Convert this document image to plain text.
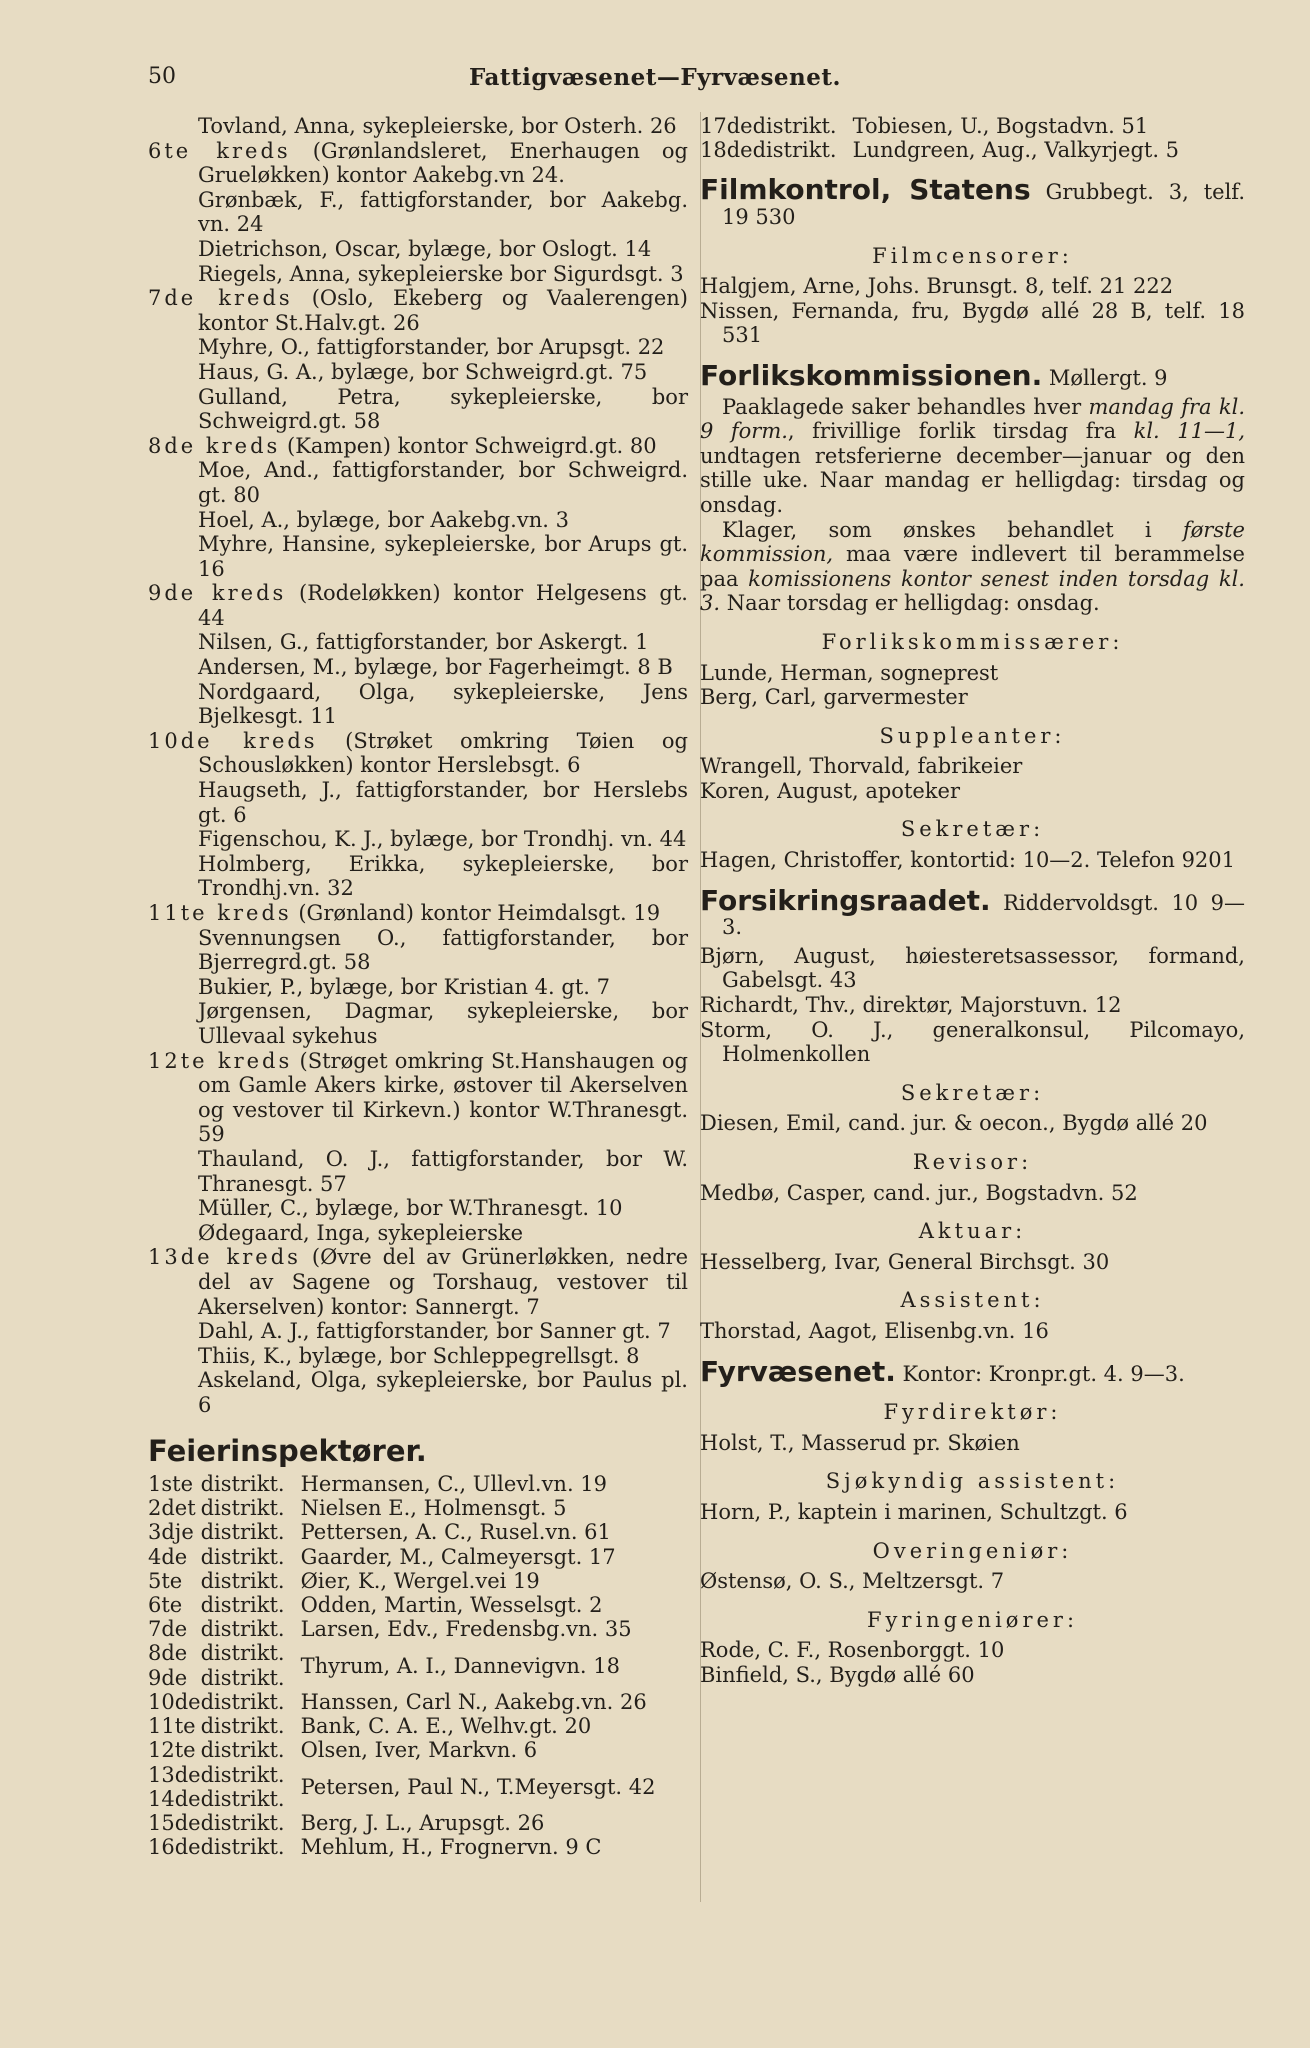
50	Fattigvæsenet—Fyrvæsenet.

Tovland, Anna, sykepleierske, bor Osterh. 26

6te kreds (Grønlandsleret, Enerhaugen og Grueløkken) kontor Aakebg.vn 24.

Grønbæk, F., fattigforstander, bor Aakebg. vn. 24

Dietrichson, Oscar, bylæge, bor Oslogt. 14

Riegels, Anna, sykepleierske bor Sigurdsgt. 3

7de kreds (Oslo, Ekeberg og Vaalerengen) kontor St.Halv.gt. 26

Myhre, O., fattigforstander, bor Arupsgt. 22

Haus, G. A., bylæge, bor Schweigrd.gt. 75

Gulland, Petra, sykepleierske, bor Schweigrd.gt. 58

8de kreds (Kampen) kontor Schweigrd.gt. 80

Moe, And., fattigforstander, bor Schweigrd. gt. 80

Hoel, A., bylæge, bor Aakebg.vn. 3

Myhre, Hansine, sykepleierske, bor Arups gt. 16

9de kreds (Rodeløkken) kontor Helgesens gt. 44

Nilsen, G., fattigforstander, bor Askergt. 1

Andersen, M., bylæge, bor Fagerheimgt. 8 B

Nordgaard, Olga, sykepleierske, Jens Bjelkesgt. 11

10de kreds (Strøket omkring Tøien og Schousløkken) kontor Herslebsgt. 6

Haugseth, J., fattigforstander, bor Herslebs gt. 6

Figenschou, K. J., bylæge, bor Trondhj. vn. 44

Holmberg, Erikka, sykepleierske, bor Trondhj.vn. 32

11te kreds (Grønland) kontor Heimdalsgt. 19

Svennungsen O., fattigforstander, bor Bjerregrd.gt. 58

Bukier, P., bylæge, bor Kristian 4. gt. 7

Jørgensen, Dagmar, sykepleierske, bor Ullevaal sykehus

12te kreds (Strøget omkring St.Hanshaugen og om Gamle Akers kirke, østover til Akerselven og vestover til Kirkevn.) kontor W.Thranesgt. 59

Thauland, O. J., fattigforstander, bor W. Thranesgt. 57

Müller, C., bylæge, bor W.Thranesgt. 10

Ødegaard, Inga, sykepleierske

13de kreds (Øvre del av Grünerløkken, nedre del av Sagene og Torshaug, vestover til Akerselven) kontor: Sannergt. 7

Dahl, A. J., fattigforstander, bor Sanner gt. 7

Thiis, K., bylæge, bor Schleppegrellsgt. 8

Askeland, Olga, sykepleierske, bor Paulus pl. 6

Feierinspektører.
1ste	distrikt.	Hermansen, C., Ullevl.vn. 19
2det	distrikt.	Nielsen E., Holmensgt. 5
3dje	distrikt.	Pettersen, A. C., Rusel.vn. 61
4de	distrikt.	Gaarder, M., Calmeyersgt. 17
5te	distrikt.	Øier, K., Wergel.vei 19
6te	distrikt.	Odden, Martin, Wesselsgt. 2
7de	distrikt.	Larsen, Edv., Fredensbg.vn. 35
8de	distrikt.	Thyrum, A. I., Dannevigvn. 18
9de	distrikt.	
10de	distrikt.	Hanssen, Carl N., Aakebg.vn. 26
11te	distrikt.	Bank, C. A. E., Welhv.gt. 20
12te	distrikt.	Olsen, Iver, Markvn. 6
13de	distrikt.	Petersen, Paul N., T.Meyersgt. 42
14de	distrikt.	
15de	distrikt.	Berg, J. L., Arupsgt. 26
16de	distrikt.	Mehlum, H., Frognervn. 9 C
17de	distrikt.	Tobiesen, U., Bogstadvn. 51
18de	distrikt.	Lundgreen, Aug., Valkyrjegt. 5

Filmkontrol, Statens Grubbegt. 3, telf. 19 530

Filmcensorer:

Halgjem, Arne, Johs. Brunsgt. 8, telf. 21 222

Nissen, Fernanda, fru, Bygdø allé 28 B, telf. 18 531

Forlikskommissionen. Møllergt. 9

Paaklagede saker behandles hver mandag fra kl. 9 form., frivillige forlik tirsdag fra kl. 11—1, undtagen retsferierne december—januar og den stille uke. Naar mandag er helligdag: tirsdag og onsdag.

Klager, som ønskes behandlet i første kommission, maa være indlevert til berammelse paa komissionens kontor senest inden torsdag kl. 3. Naar torsdag er helligdag: onsdag.

Forlikskommissærer:

Lunde, Herman, sogneprest

Berg, Carl, garvermester

Suppleanter:

Wrangell, Thorvald, fabrikeier

Koren, August, apoteker

Sekretær:

Hagen, Christoffer, kontortid: 10—2. Telefon 9201

Forsikringsraadet. Riddervoldsgt. 10 9—3.

Bjørn, August, høiesteretsassessor, formand, Gabelsgt. 43

Richardt, Thv., direktør, Majorstuvn. 12

Storm, O. J., generalkonsul, Pilcomayo, Holmenkollen

Sekretær:

Diesen, Emil, cand. jur. & oecon., Bygdø allé 20

Revisor:

Medbø, Casper, cand. jur., Bogstadvn. 52

Aktuar:

Hesselberg, Ivar, General Birchsgt. 30

Assistent:

Thorstad, Aagot, Elisenbg.vn. 16

Fyrvæsenet. Kontor: Kronpr.gt. 4. 9—3.

Fyrdirektør:

Holst, T., Masserud pr. Skøien

Sjøkyndig assistent:

Horn, P., kaptein i marinen, Schultzgt. 6

Overingeniør:

Østensø, O. S., Meltzersgt. 7

Fyringeniører:

Rode, C. F., Rosenborggt. 10

Binfield, S., Bygdø allé 60
